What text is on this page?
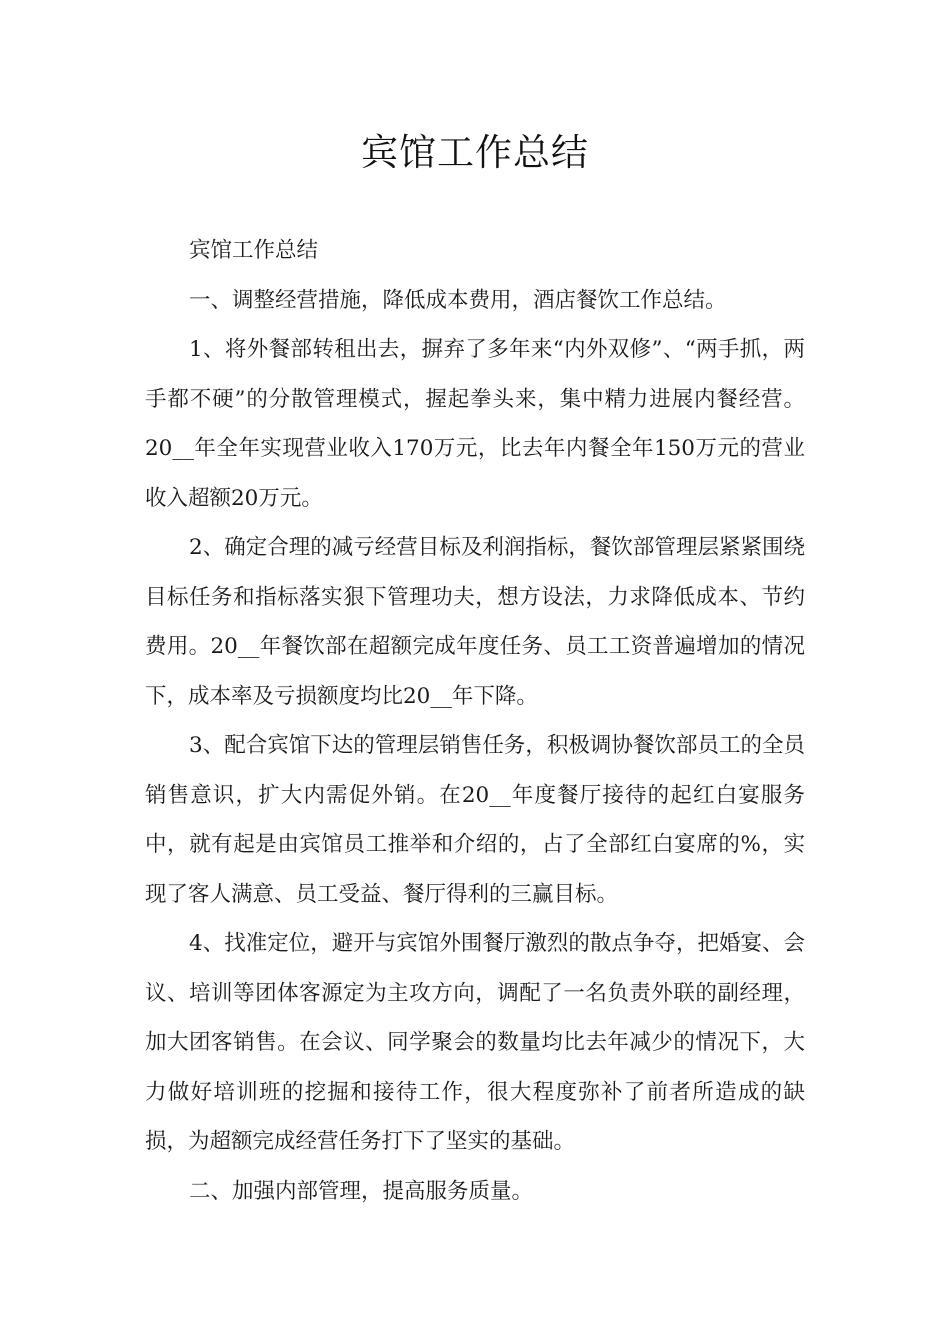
宾馆工作总结

宾馆工作总结

一、调整经营措施，降低成本费用，酒店餐饮工作总结。

1、将外餐部转租出去，摒弃了多年来“内外双修”、“两手抓，两手都不硬”的分散管理模式，握起拳头来，集中精力进展内餐经营。20__年全年实现营业收入170万元，比去年内餐全年150万元的营业收入超额20万元。

2、确定合理的减亏经营目标及利润指标，餐饮部管理层紧紧围绕目标任务和指标落实狠下管理功夫，想方设法，力求降低成本、节约费用。20__年餐饮部在超额完成年度任务、员工工资普遍增加的情况下，成本率及亏损额度均比20__年下降。

3、配合宾馆下达的管理层销售任务，积极调协餐饮部员工的全员销售意识，扩大内需促外销。在20__年度餐厅接待的起红白宴服务中，就有起是由宾馆员工推举和介绍的，占了全部红白宴席的%，实现了客人满意、员工受益、餐厅得利的三赢目标。

4、找准定位，避开与宾馆外围餐厅激烈的散点争夺，把婚宴、会议、培训等团体客源定为主攻方向，调配了一名负责外联的副经理，加大团客销售。在会议、同学聚会的数量均比去年减少的情况下，大力做好培训班的挖掘和接待工作，很大程度弥补了前者所造成的缺损，为超额完成经营任务打下了坚实的基础。

二、加强内部管理，提高服务质量。
